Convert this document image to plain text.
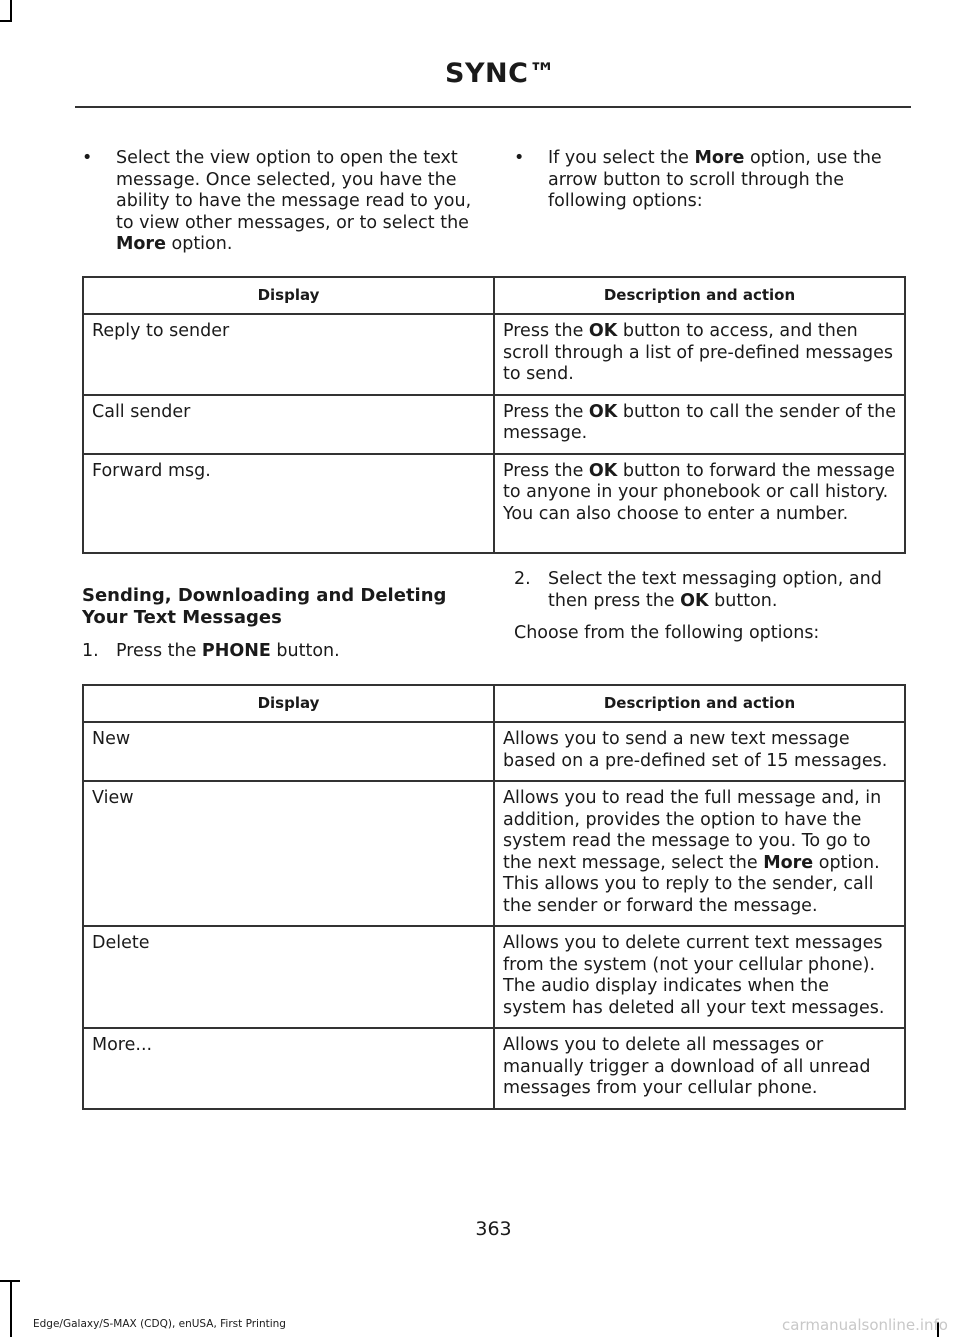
SYNC™
• Select the view option to open the text message. Once selected, you have the ability to have the message read to you, to view other messages, or to select the More option.
• If you select the More option, use the arrow button to scroll through the following options:
Display	Description and action
Reply to sender	Press the OK button to access, and then scroll through a list of pre-defined messages to send.
Call sender	Press the OK button to call the sender of the message.
Forward msg.	Press the OK button to forward the message to anyone in your phonebook or call history. You can also choose to enter a number.
Sending, Downloading and Deleting Your Text Messages
1. Press the PHONE button.
2. Select the text messaging option, and then press the OK button.
Choose from the following options:
Display	Description and action
New	Allows you to send a new text message based on a pre-defined set of 15 messages.
View	Allows you to read the full message and, in addition, provides the option to have the system read the message to you. To go to the next message, select the More option. This allows you to reply to the sender, call the sender or forward the message.
Delete	Allows you to delete current text messages from the system (not your cellular phone). The audio display indicates when the system has deleted all your text messages.
More...	Allows you to delete all messages or manually trigger a download of all unread messages from your cellular phone.
363
Edge/Galaxy/S-MAX (CDQ), enUSA, First Printing	carmanualsonline.info
